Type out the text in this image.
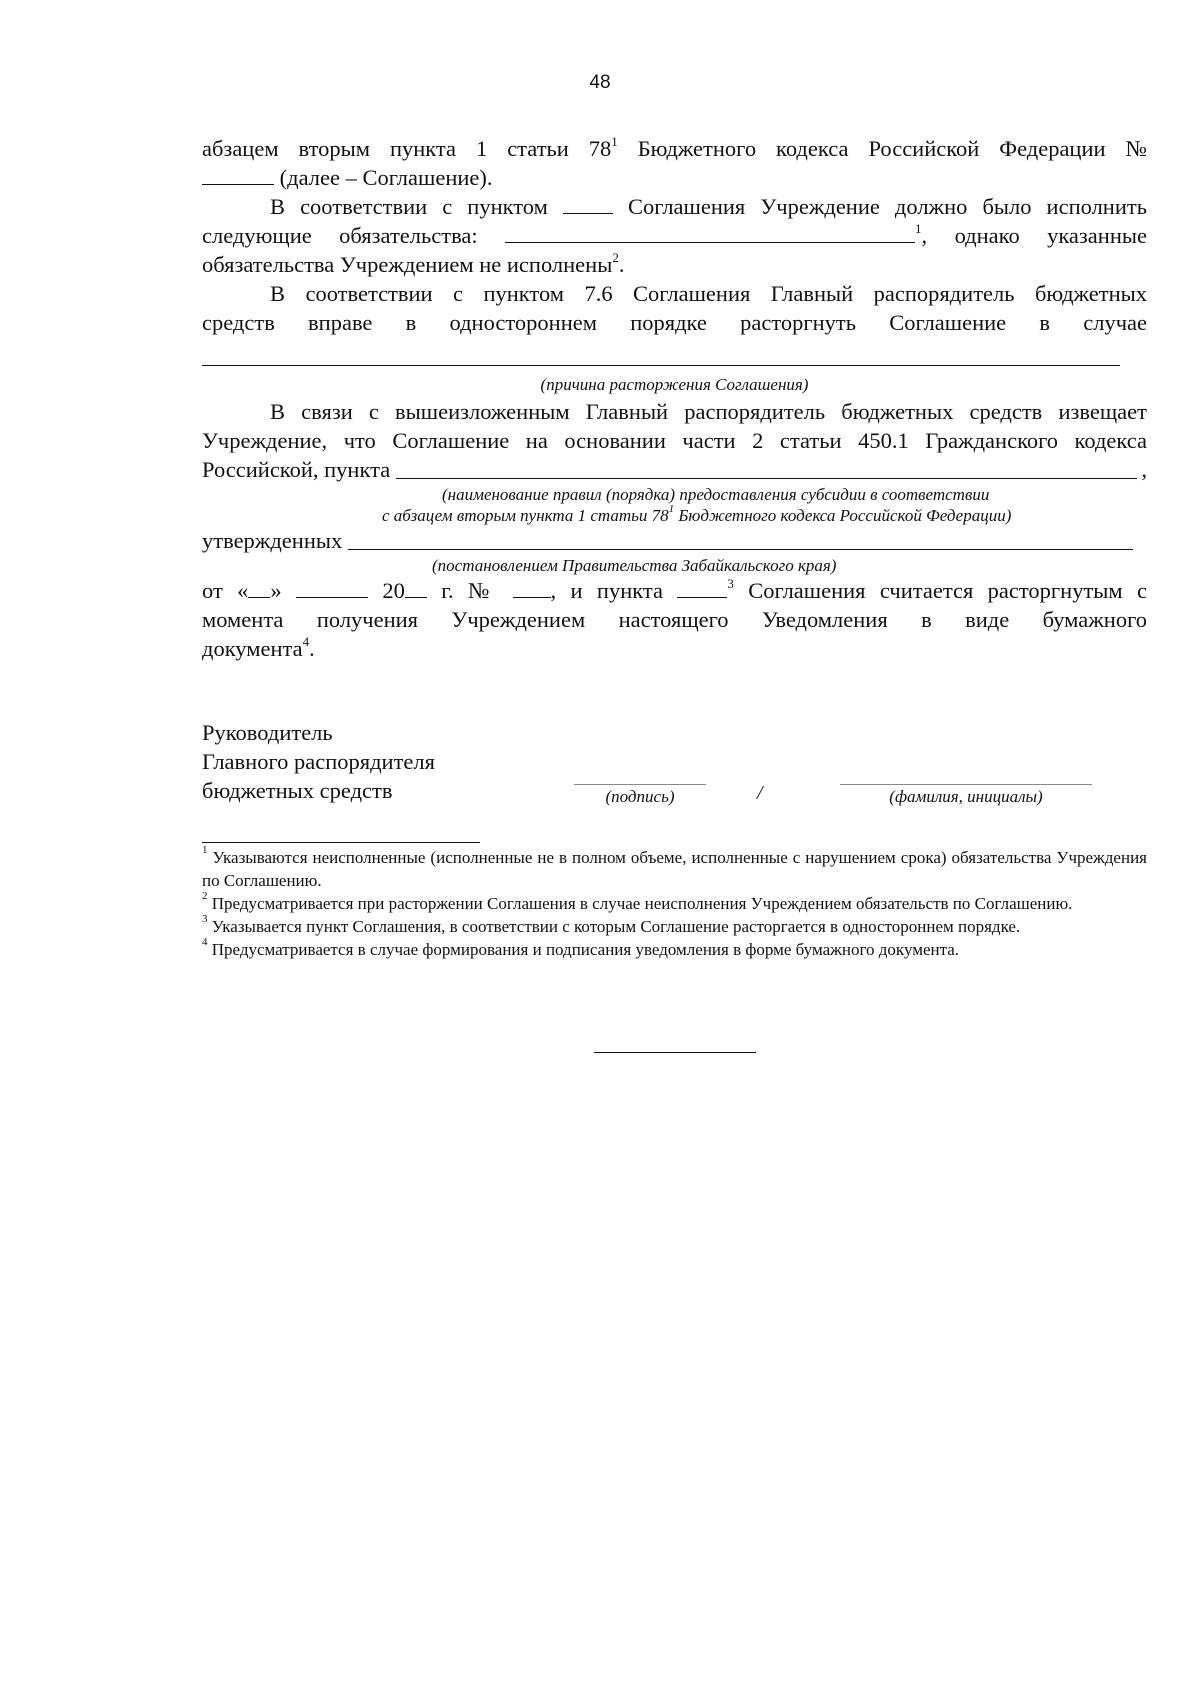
48

абзацем вторым пункта 1 статьи $78^1$ Бюджетного кодекса Российской Федерации №

(далее – Соглашение).

В соответствии с пунктом  Соглашения Учреждение должно было исполнить

следующие обязательства:	$^1$, однако указанные

обязательства Учреждением не исполнены$^2$.

В соответствии с пунктом 7.6 Соглашения Главный распорядитель бюджетных

средств вправе в одностороннем порядке расторгнуть Соглашение в случае

(причина расторжения Соглашения)

В связи с вышеизложенным Главный распорядитель бюджетных средств извещает

Учреждение, что Соглашение на основании части 2 статьи 450.1 Гражданского кодекса

Российской, пункта	,

(наименование правил (порядка) предоставления субсидии в соответствии

с абзацем вторым пункта 1 статьи $78^1$ Бюджетного кодекса Российской Федерации)

утвержденных

(постановлением Правительства Забайкальского края)

от « »	20 г. № , и пункта	$^3$ Соглашения считается расторгнутым с

момента получения Учреждением настоящего Уведомления в виде бумажного

документа$^4$.

Руководитель
Главного распорядителя
бюджетных средств	(подпись)	/	(фамилия, инициалы)

$^1$ Указываются неисполненные (исполненные не в полном объеме, исполненные с нарушением срока) обязательства Учреждения по Соглашению.

$^2$ Предусматривается при расторжении Соглашения в случае неисполнения Учреждением обязательств по Соглашению.

$^3$ Указывается пункт Соглашения, в соответствии с которым Соглашение расторгается в одностороннем порядке.

$^4$ Предусматривается в случае формирования и подписания уведомления в форме бумажного документа.
